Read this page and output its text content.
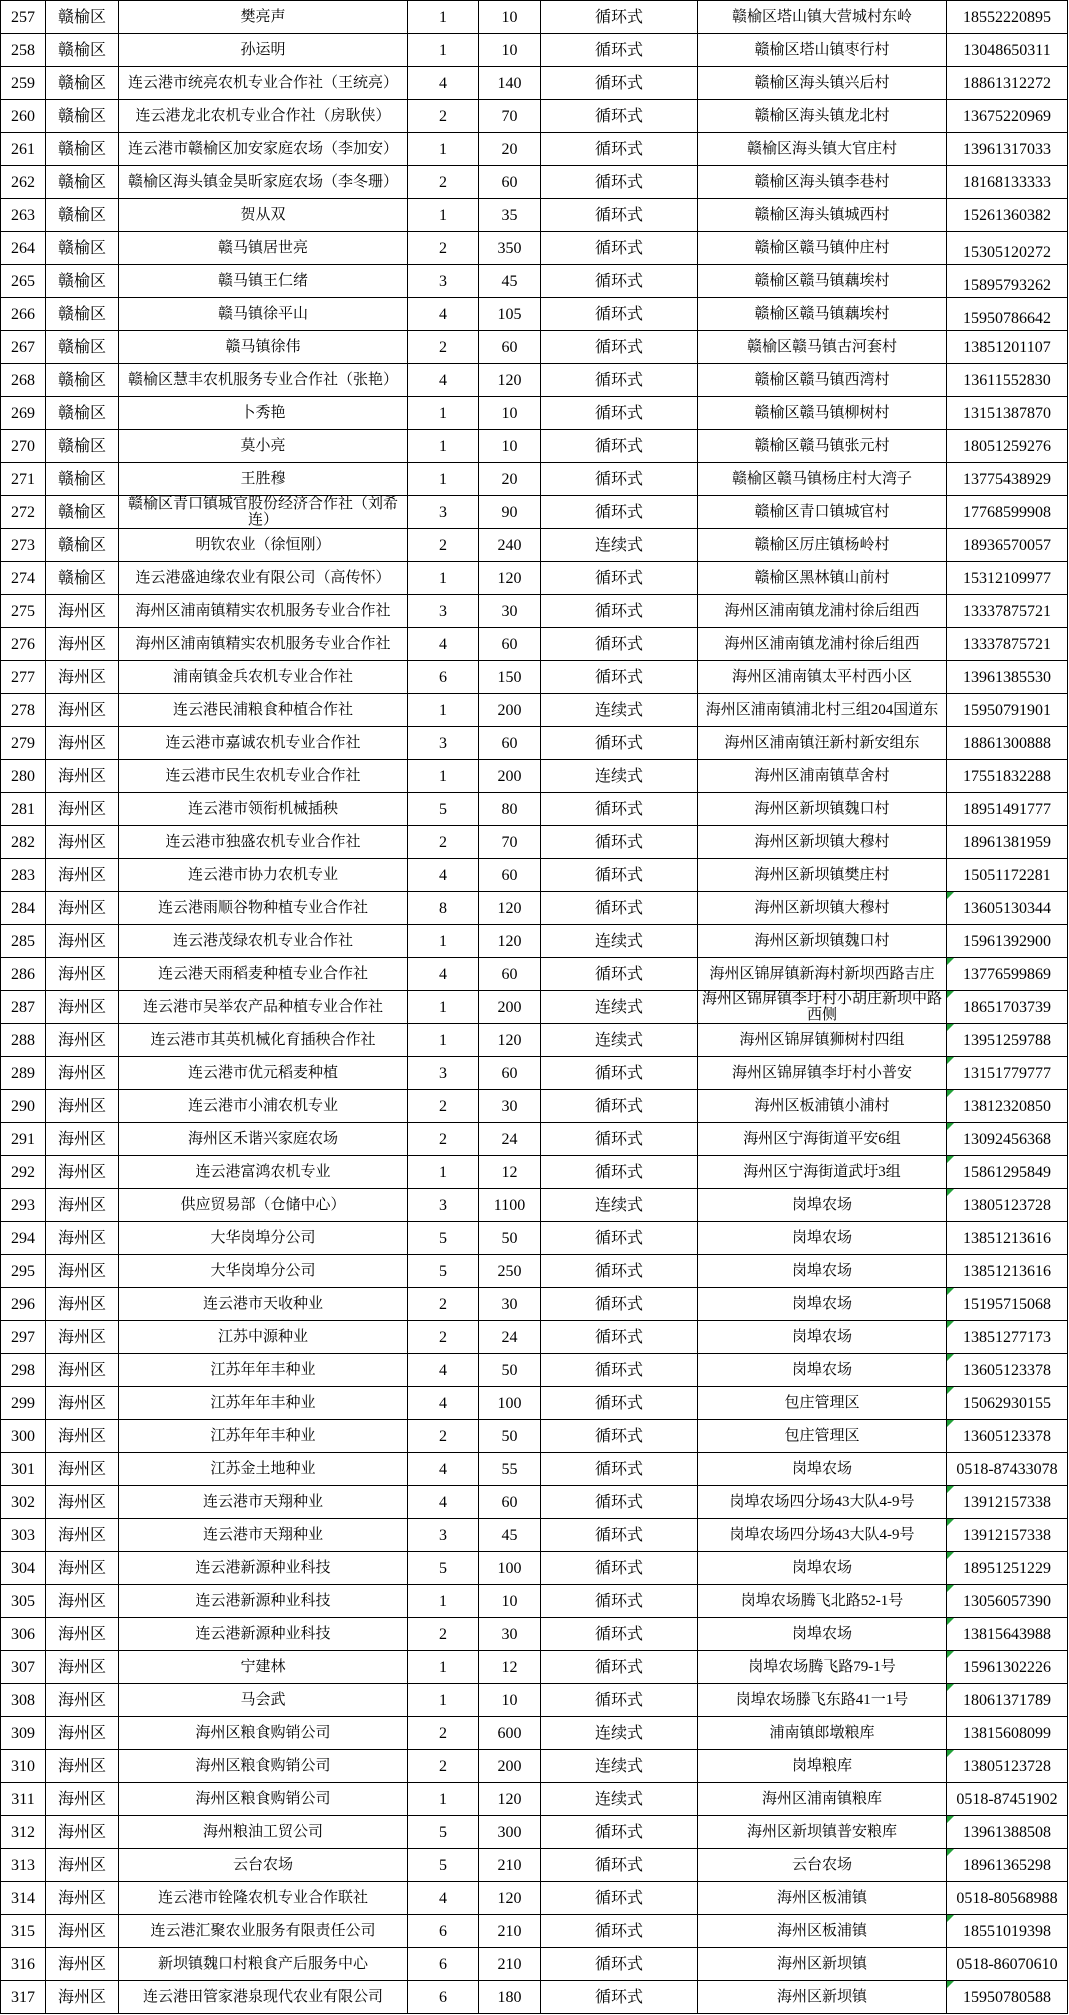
257	赣榆区	樊亮声	1	10	循环式	赣榆区塔山镇大营城村东岭	18552220895
258	赣榆区	孙运明	1	10	循环式	赣榆区塔山镇枣行村	13048650311
259	赣榆区	连云港市统亮农机专业合作社（王统亮）	4	140	循环式	赣榆区海头镇兴后村	18861312272
260	赣榆区	连云港龙北农机专业合作社（房耿侠）	2	70	循环式	赣榆区海头镇龙北村	13675220969
261	赣榆区	连云港市赣榆区加安家庭农场（李加安）	1	20	循环式	赣榆区海头镇大官庄村	13961317033
262	赣榆区	赣榆区海头镇金昊昕家庭农场（李冬珊）	2	60	循环式	赣榆区海头镇李巷村	18168133333
263	赣榆区	贺从双	1	35	循环式	赣榆区海头镇城西村	15261360382
264	赣榆区	赣马镇居世亮	2	350	循环式	赣榆区赣马镇仲庄村	15305120272
265	赣榆区	赣马镇王仁绪	3	45	循环式	赣榆区赣马镇藕埃村	15895793262
266	赣榆区	赣马镇徐平山	4	105	循环式	赣榆区赣马镇藕埃村	15950786642
267	赣榆区	赣马镇徐伟	2	60	循环式	赣榆区赣马镇古河套村	13851201107
268	赣榆区	赣榆区慧丰农机服务专业合作社（张艳）	4	120	循环式	赣榆区赣马镇西湾村	13611552830
269	赣榆区	卜秀艳	1	10	循环式	赣榆区赣马镇柳树村	13151387870
270	赣榆区	莫小亮	1	10	循环式	赣榆区赣马镇张元村	18051259276
271	赣榆区	王胜穆	1	20	循环式	赣榆区赣马镇杨庄村大湾子	13775438929
272	赣榆区	赣榆区青口镇城官股份经济合作社（刘希连）	3	90	循环式	赣榆区青口镇城官村	17768599908
273	赣榆区	明钦农业（徐恒刚）	2	240	连续式	赣榆区厉庄镇杨岭村	18936570057
274	赣榆区	连云港盛迪缘农业有限公司（高传怀）	1	120	循环式	赣榆区黑林镇山前村	15312109977
275	海州区	海州区浦南镇精实农机服务专业合作社	3	30	循环式	海州区浦南镇龙浦村徐后组西	13337875721
276	海州区	海州区浦南镇精实农机服务专业合作社	4	60	循环式	海州区浦南镇龙浦村徐后组西	13337875721
277	海州区	浦南镇金兵农机专业合作社	6	150	循环式	海州区浦南镇太平村西小区	13961385530
278	海州区	连云港民浦粮食种植合作社	1	200	连续式	海州区浦南镇浦北村三组204国道东	15950791901
279	海州区	连云港市嘉诚农机专业合作社	3	60	循环式	海州区浦南镇汪新村新安组东	18861300888
280	海州区	连云港市民生农机专业合作社	1	200	连续式	海州区浦南镇草舍村	17551832288
281	海州区	连云港市领衔机械插秧	5	80	循环式	海州区新坝镇魏口村	18951491777
282	海州区	连云港市独盛农机专业合作社	2	70	循环式	海州区新坝镇大穆村	18961381959
283	海州区	连云港市协力农机专业	4	60	循环式	海州区新坝镇樊庄村	15051172281
284	海州区	连云港雨顺谷物种植专业合作社	8	120	循环式	海州区新坝镇大穆村	13605130344

285	海州区	连云港茂绿农机专业合作社	1	120	连续式	海州区新坝镇魏口村	15961392900
286	海州区	连云港天雨稻麦种植专业合作社	4	60	循环式	海州区锦屏镇新海村新坝西路吉庄	13776599869

287	海州区	连云港市吴举农产品种植专业合作社	1	200	连续式	海州区锦屏镇李圩村小胡庄新坝中路西侧	18651703739

288	海州区	连云港市其英机械化育插秧合作社	1	120	连续式	海州区锦屏镇狮树村四组	13951259788

289	海州区	连云港市优元稻麦种植	3	60	循环式	海州区锦屏镇李圩村小普安	13151779777

290	海州区	连云港市小浦农机专业	2	30	循环式	海州区板浦镇小浦村	13812320850

291	海州区	海州区禾谐兴家庭农场	2	24	循环式	海州区宁海街道平安6组	13092456368

292	海州区	连云港富鸿农机专业	1	12	循环式	海州区宁海街道武圩3组	15861295849

293	海州区	供应贸易部（仓储中心）	3	1100	连续式	岗埠农场	13805123728

294	海州区	大华岗埠分公司	5	50	循环式	岗埠农场	13851213616
295	海州区	大华岗埠分公司	5	250	循环式	岗埠农场	13851213616
296	海州区	连云港市天收种业	2	30	循环式	岗埠农场	15195715068

297	海州区	江苏中源种业	2	24	循环式	岗埠农场	13851277173

298	海州区	江苏年年丰种业	4	50	循环式	岗埠农场	13605123378

299	海州区	江苏年年丰种业	4	100	循环式	包庄管理区	15062930155

300	海州区	江苏年年丰种业	2	50	循环式	包庄管理区	13605123378

301	海州区	江苏金土地种业	4	55	循环式	岗埠农场	0518-87433078
302	海州区	连云港市天翔种业	4	60	循环式	岗埠农场四分场43大队4-9号	13912157338

303	海州区	连云港市天翔种业	3	45	循环式	岗埠农场四分场43大队4-9号	13912157338

304	海州区	连云港新源种业科技	5	100	循环式	岗埠农场	18951251229

305	海州区	连云港新源种业科技	1	10	循环式	岗埠农场腾飞北路52-1号	13056057390

306	海州区	连云港新源种业科技	2	30	循环式	岗埠农场	13815643988

307	海州区	宁建林	1	12	循环式	岗埠农场腾飞路79-1号	15961302226

308	海州区	马会武	1	10	循环式	岗埠农场滕飞东路41一1号	18061371789

309	海州区	海州区粮食购销公司	2	600	连续式	浦南镇郎墩粮库	13815608099
310	海州区	海州区粮食购销公司	2	200	连续式	岗埠粮库	13805123728

311	海州区	海州区粮食购销公司	1	120	连续式	海州区浦南镇粮库	0518-87451902
312	海州区	海州粮油工贸公司	5	300	循环式	海州区新坝镇普安粮库	13961388508

313	海州区	云台农场	5	210	循环式	云台农场	18961365298

314	海州区	连云港市铨隆农机专业合作联社	4	120	循环式	海州区板浦镇	0518-80568988
315	海州区	连云港汇聚农业服务有限责任公司	6	210	循环式	海州区板浦镇	18551019398

316	海州区	新坝镇魏口村粮食产后服务中心	6	210	循环式	海州区新坝镇	0518-86070610
317	海州区	连云港田管家港泉现代农业有限公司	6	180	循环式	海州区新坝镇	15950780588
